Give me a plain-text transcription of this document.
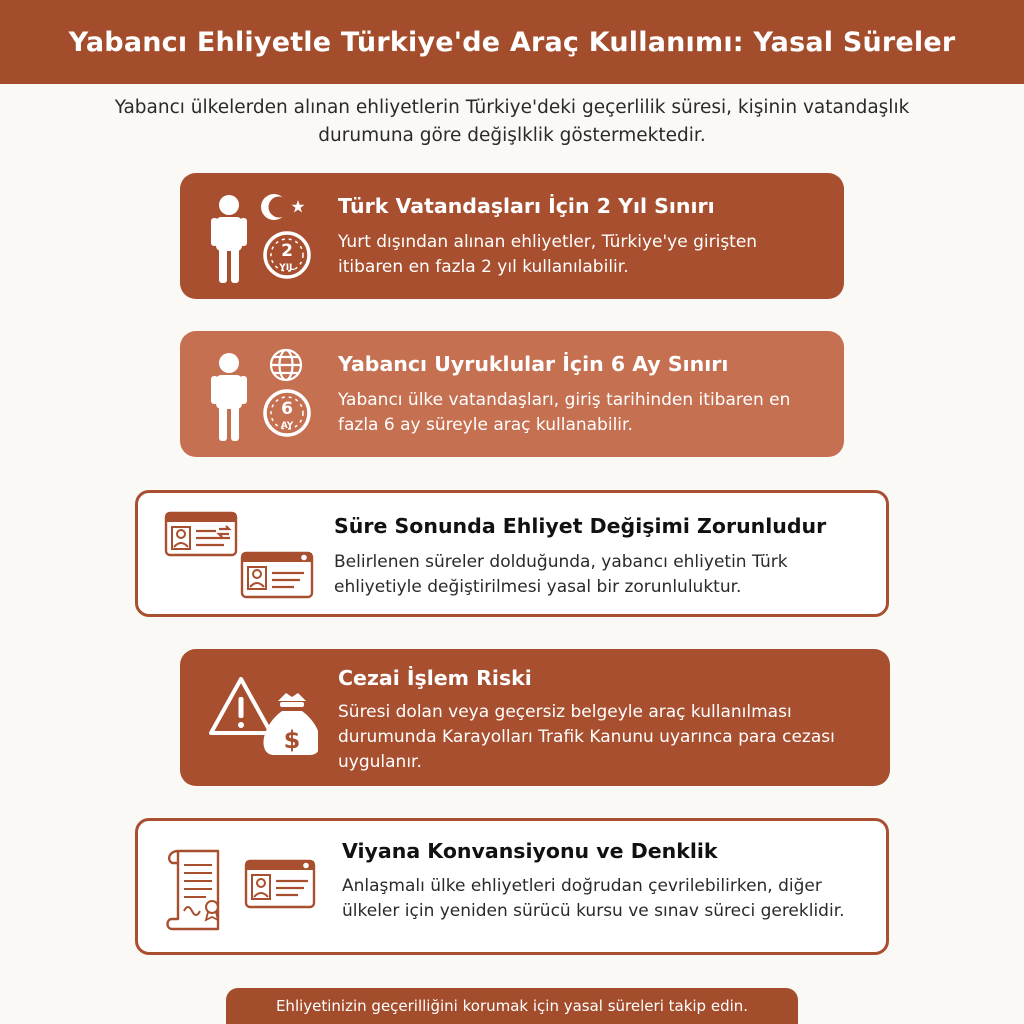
Yabancı Ehliyetle Türkiye'de Araç Kullanımı: Yasal Süreler

Yabancı ülkelerden alınan ehliyetlerin Türkiye'deki geçerlilik süresi, kişinin vatandaşlık durumuna göre değişlklik göstermektedir.

2
YIL
Türk Vatandaşları İçin 2 Yıl Sınırı

Yurt dışından alınan ehliyetler, Türkiye'ye girişten itibaren en fazla 2 yıl kullanılabilir.

6
AY
Yabancı Uyruklular İçin 6 Ay Sınırı

Yabancı ülke vatandaşları, giriş tarihinden itibaren en fazla 6 ay süreyle araç kullanabilir.

Süre Sonunda Ehliyet Değişimi Zorunludur

Belirlenen süreler dolduğunda, yabancı ehliyetin Türk ehliyetiyle değiştirilmesi yasal bir zorunluluktur.

$
Cezai İşlem Riski

Süresi dolan veya geçersiz belgeyle araç kullanılması durumunda Karayolları Trafik Kanunu uyarınca para cezası uygulanır.

Viyana Konvansiyonu ve Denklik

Anlaşmalı ülke ehliyetleri doğrudan çevrilebilirken, diğer ülkeler için yeniden sürücü kursu ve sınav süreci gereklidir.

Ehliyetinizin geçerilliğini korumak için yasal süreleri takip edin.
